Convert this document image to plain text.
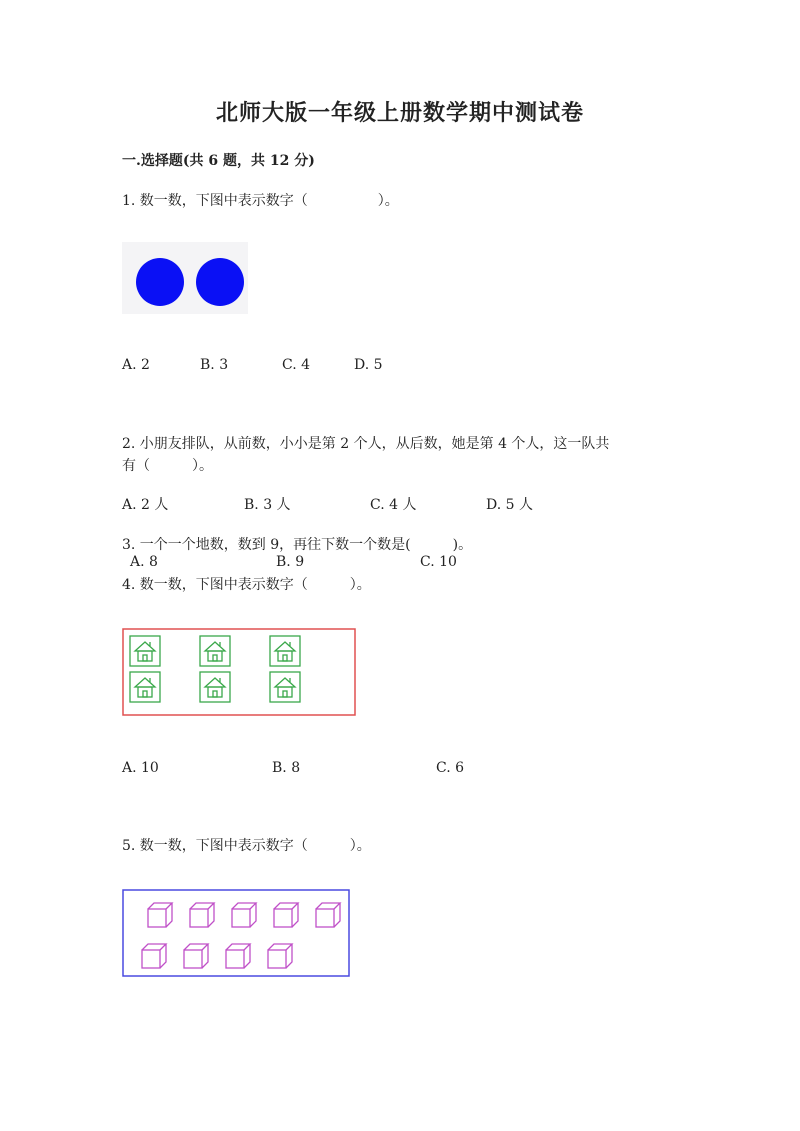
北师大版一年级上册数学期中测试卷
一.选择题(共 6 题，共 12 分)
1. 数一数，下图中表示数字（　　　　　）。
A. 2	B. 3	C. 4	D. 5
2. 小朋友排队，从前数，小小是第 2 个人，从后数，她是第 4 个人，这一队共
有（　　　）。
A. 2 人	B. 3 人	C. 4 人	D. 5 人
3. 一个一个地数，数到 9，再往下数一个数是(　　　)。
A. 8	B. 9	C. 10
4. 数一数，下图中表示数字（　　　）。
A. 10	B. 8	C. 6
5. 数一数，下图中表示数字（　　　）。
